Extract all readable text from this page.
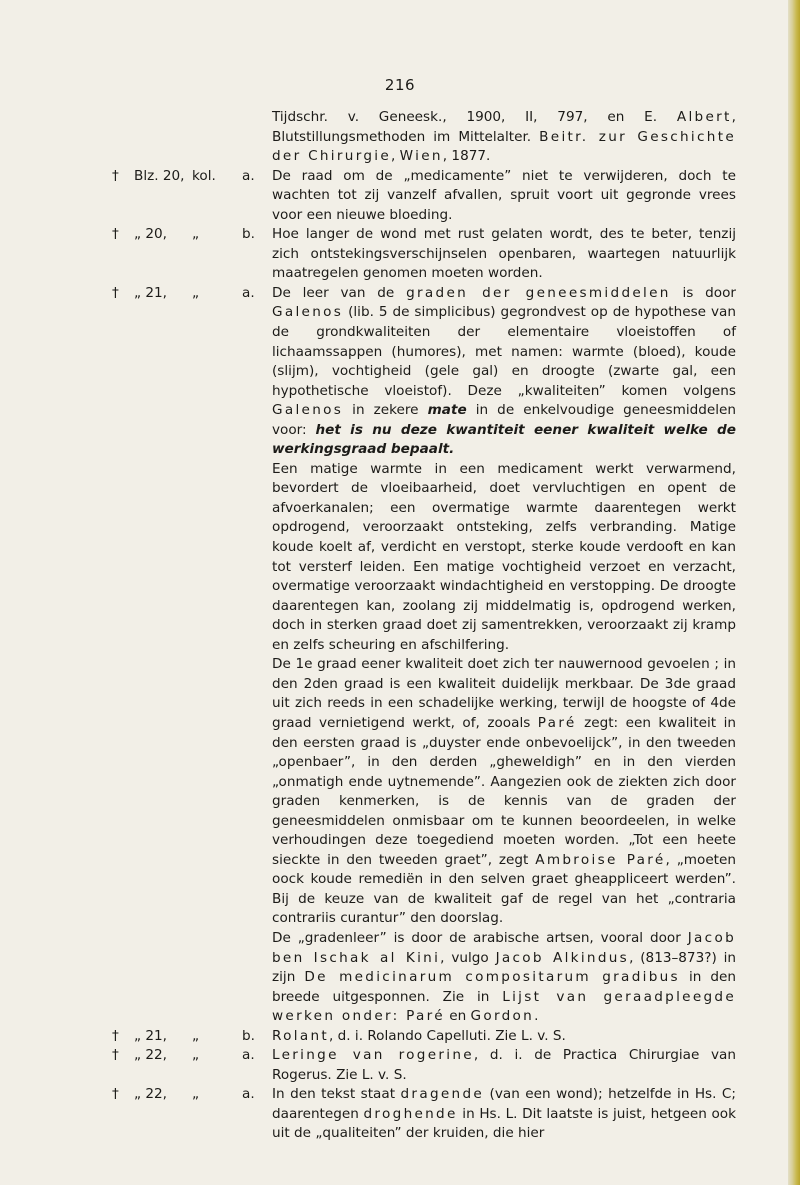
216

Tijdschr. v. Geneesk., 1900, II, 797, en E. Albert, Blutstillungsmethoden im Mittelalter. Beitr. zur Geschichte der Chirurgie, Wien, 1877.

†	Blz. 20, kol.	a.	De raad om de „medicamente” niet te verwijderen, doch te wachten tot zij vanzelf afvallen, spruit voort uit gegronde vrees voor een nieuwe bloeding.

†	„ 20,	„	b.	Hoe langer de wond met rust gelaten wordt, des te beter, tenzij zich ontstekingsverschijnselen openbaren, waartegen natuurlijk maatregelen genomen moeten worden.

†	„ 21,	„	a.	De leer van de graden der geneesmiddelen is door Galenos (lib. 5 de simplicibus) gegrondvest op de hypothese van de grondkwaliteiten der elementaire vloeistoffen of lichaamssappen (humores), met namen: warmte (bloed), koude (slijm), vochtigheid (gele gal) en droogte (zwarte gal, een hypothetische vloeistof). Deze „kwaliteiten” komen volgens Galenos in zekere mate in de enkelvoudige geneesmiddelen voor: het is nu deze kwantiteit eener kwaliteit welke de werkingsgraad bepaalt.

Een matige warmte in een medicament werkt verwarmend, bevordert de vloeibaarheid, doet vervluchtigen en opent de afvoerkanalen; een overmatige warmte daarentegen werkt opdrogend, veroorzaakt ontsteking, zelfs verbranding. Matige koude koelt af, verdicht en verstopt, sterke koude verdooft en kan tot versterf leiden. Een matige vochtigheid verzoet en verzacht, overmatige veroorzaakt windachtigheid en verstopping. De droogte daarentegen kan, zoolang zij middelmatig is, opdrogend werken, doch in sterken graad doet zij samentrekken, veroorzaakt zij kramp en zelfs scheuring en afschilfering.

De 1e graad eener kwaliteit doet zich ter nauwernood gevoelen ; in den 2den graad is een kwaliteit duidelijk merkbaar. De 3de graad uit zich reeds in een schadelijke werking, terwijl de hoogste of 4de graad vernietigend werkt, of, zooals Paré zegt: een kwaliteit in den eersten graad is „duyster ende onbevoelijck”, in den tweeden „openbaer”, in den derden „gheweldigh” en in den vierden „onmatigh ende uytnemende”. Aangezien ook de ziekten zich door graden kenmerken, is de kennis van de graden der geneesmiddelen onmisbaar om te kunnen beoordeelen, in welke verhoudingen deze toegediend moeten worden. „Tot een heete sieckte in den tweeden graet”, zegt Ambroise Paré, „moeten oock koude remediën in den selven graet gheappliceert werden”. Bij de keuze van de kwaliteit gaf de regel van het „contraria contrariis curantur” den doorslag.

De „gradenleer” is door de arabische artsen, vooral door Jacob ben Ischak al Kini, vulgo Jacob Alkindus, (813–873?) in zijn De medicinarum compositarum gradibus in den breede uitgesponnen. Zie in Lijst van geraadpleegde werken onder: Paré en Gordon.

†	„ 21,	„	b.	Rolant, d. i. Rolando Capelluti. Zie L. v. S.

†	„ 22,	„	a.	Leringe van rogerine, d. i. de Practica Chirurgiae van Rogerus. Zie L. v. S.

†	„ 22,	„	a.	In den tekst staat dragende (van een wond); hetzelfde in Hs. C; daarentegen droghende in Hs. L. Dit laatste is juist, hetgeen ook uit de „qualiteiten” der kruiden, die hier
